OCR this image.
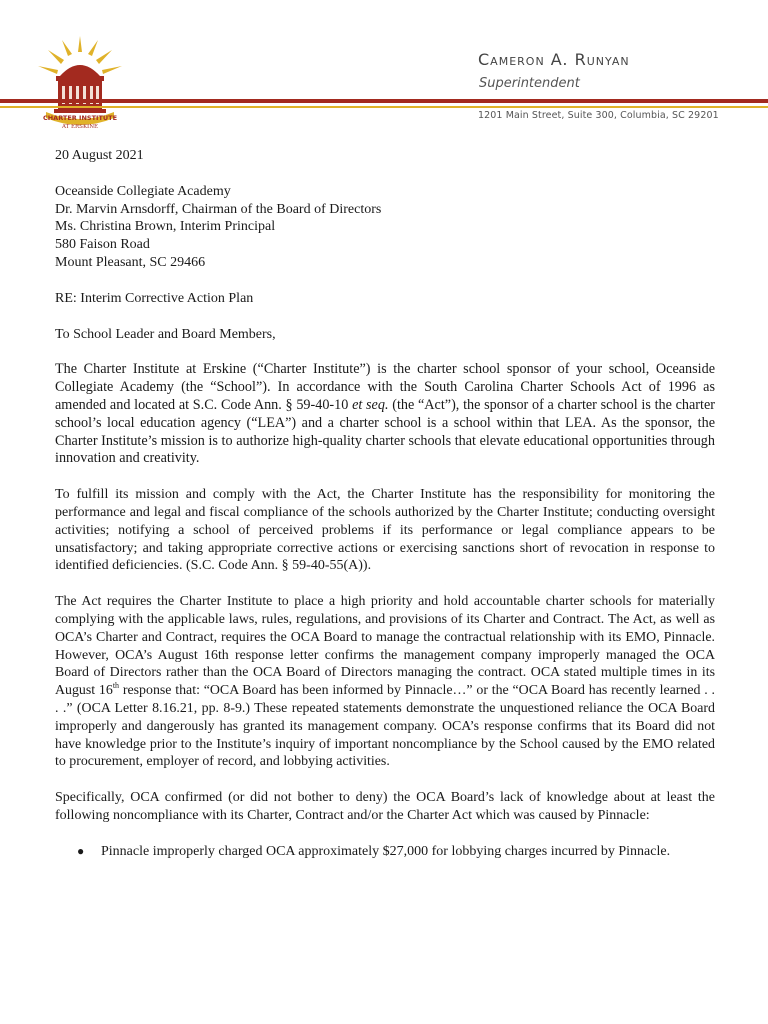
CHARTER INSTITUTE
AT ERSKINE
Cameron A. Runyan
Superintendent
1201 Main Street, Suite 300, Columbia, SC 29201
20 August 2021
Oceanside Collegiate Academy
Dr. Marvin Arnsdorff, Chairman of the Board of Directors
Ms. Christina Brown, Interim Principal
580 Faison Road
Mount Pleasant, SC 29466
RE: Interim Corrective Action Plan
To School Leader and Board Members,

The Charter Institute at Erskine (“Charter Institute”) is the charter school sponsor of your school, Oceanside Collegiate Academy (the “School”). In accordance with the South Carolina Charter Schools Act of 1996 as amended and located at S.C. Code Ann. § 59-40-10 et seq. (the “Act”), the sponsor of a charter school is the charter school’s local education agency (“LEA”) and a charter school is a school within that LEA. As the sponsor, the Charter Institute’s mission is to authorize high-quality charter schools that elevate educational opportunities through innovation and creativity.

To fulfill its mission and comply with the Act, the Charter Institute has the responsibility for monitoring the performance and legal and fiscal compliance of the schools authorized by the Charter Institute; conducting oversight activities; notifying a school of perceived problems if its performance or legal compliance appears to be unsatisfactory; and taking appropriate corrective actions or exercising sanctions short of revocation in response to identified deficiencies. (S.C. Code Ann. § 59-40-55(A)).

The Act requires the Charter Institute to place a high priority and hold accountable charter schools for materially complying with the applicable laws, rules, regulations, and provisions of its Charter and Contract. The Act, as well as OCA’s Charter and Contract, requires the OCA Board to manage the contractual relationship with its EMO, Pinnacle. However, OCA’s August 16th response letter confirms the management company improperly managed the OCA Board of Directors rather than the OCA Board of Directors managing the contract. OCA stated multiple times in its August 16th response that: “OCA Board has been informed by Pinnacle…” or the “OCA Board has recently learned . . . .” (OCA Letter 8.16.21, pp. 8-9.) These repeated statements demonstrate the unquestioned reliance the OCA Board improperly and dangerously has granted its management company. OCA’s response confirms that its Board did not have knowledge prior to the Institute’s inquiry of important noncompliance by the School caused by the EMO related to procurement, employer of record, and lobbying activities.

Specifically, OCA confirmed (or did not bother to deny) the OCA Board’s lack of knowledge about at least the following noncompliance with its Charter, Contract and/or the Charter Act which was caused by Pinnacle:

●	Pinnacle improperly charged OCA approximately $27,000 for lobbying charges incurred by Pinnacle.
